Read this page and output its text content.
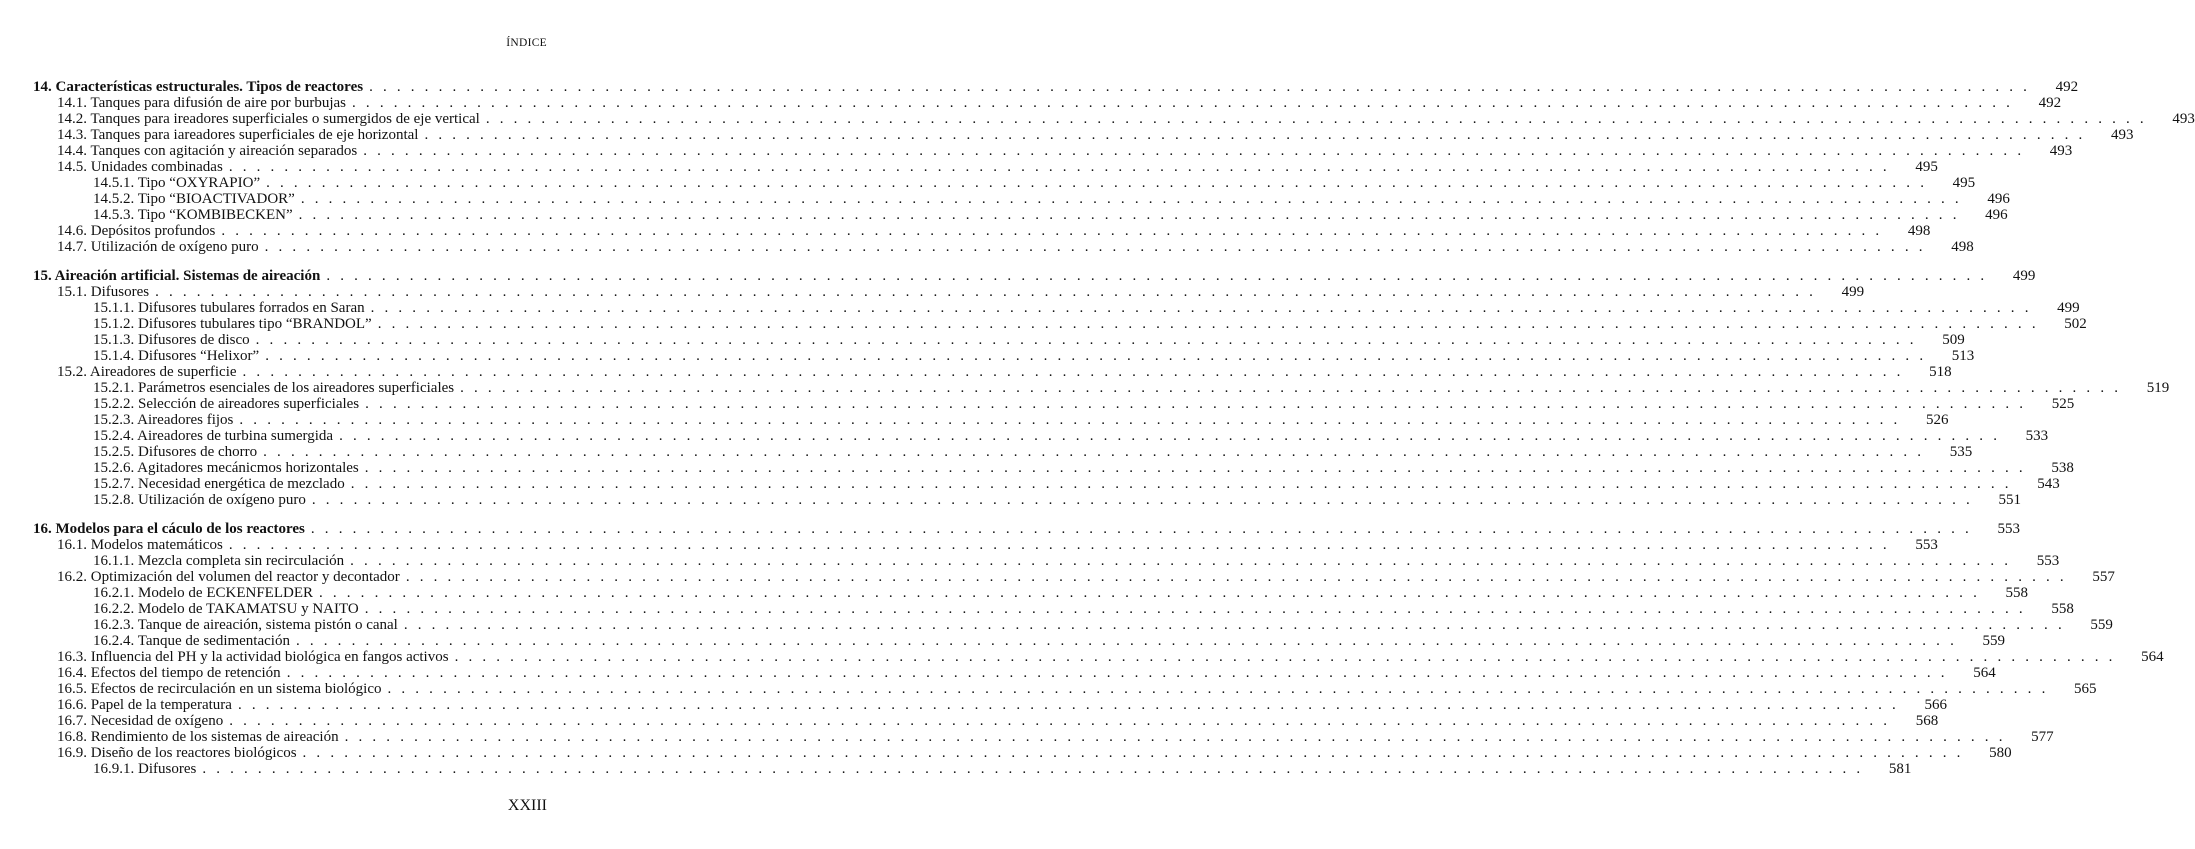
ÍNDICE
14. Características estructurales. Tipos de reactores . . . . . . . . . . . . . . . . . . . . . . . . . . . . . . . . . . . . . . . . . . . . . . . . . . . . . . . . . . . . . . . . . . . . . . . . . . . . . . . . . . . . . . . . . . . . . . . . . . . . . . . . . . . . . . . . . . . . . . . . 492
14.1. Tanques para difusión de aire por burbujas . . . . . . . . . . . . . . . . . . . . . . . . . . . . . . . . . . . . . . . . . . . . . . . . . . . . . . . . . . . . . . . . . . . . . . . . . . . . . . . . . . . . . . . . . . . . . . . . . . . . . . . . . . . . . . . . . . . . . . . . 492
14.2. Tanques para ireadores superficiales o sumergidos de eje vertical . . . . . . . . . . . . . . . . . . . . . . . . . . . . . . . . . . . . . . . . . . . . . . . . . . . . . . . . . . . . . . . . . . . . . . . . . . . . . . . . . . . . . . . . . . . . . . . . . . . . . . . . . . . . . . . . . . . . . . . . 493
14.3. Tanques para iareadores superficiales de eje horizontal . . . . . . . . . . . . . . . . . . . . . . . . . . . . . . . . . . . . . . . . . . . . . . . . . . . . . . . . . . . . . . . . . . . . . . . . . . . . . . . . . . . . . . . . . . . . . . . . . . . . . . . . . . . . . . . . . . . . . . . . 493
14.4. Tanques con agitación y aireación separados . . . . . . . . . . . . . . . . . . . . . . . . . . . . . . . . . . . . . . . . . . . . . . . . . . . . . . . . . . . . . . . . . . . . . . . . . . . . . . . . . . . . . . . . . . . . . . . . . . . . . . . . . . . . . . . . . . . . . . . . 493
14.5. Unidades combinadas . . . . . . . . . . . . . . . . . . . . . . . . . . . . . . . . . . . . . . . . . . . . . . . . . . . . . . . . . . . . . . . . . . . . . . . . . . . . . . . . . . . . . . . . . . . . . . . . . . . . . . . . . . . . . . . . . . . . . . . . 495
14.5.1. Tipo “OXYRAPIO” . . . . . . . . . . . . . . . . . . . . . . . . . . . . . . . . . . . . . . . . . . . . . . . . . . . . . . . . . . . . . . . . . . . . . . . . . . . . . . . . . . . . . . . . . . . . . . . . . . . . . . . . . . . . . . . . . . . . . . . . 495
14.5.2. Tipo “BIOACTIVADOR” . . . . . . . . . . . . . . . . . . . . . . . . . . . . . . . . . . . . . . . . . . . . . . . . . . . . . . . . . . . . . . . . . . . . . . . . . . . . . . . . . . . . . . . . . . . . . . . . . . . . . . . . . . . . . . . . . . . . . . . . 496
14.5.3. Tipo “KOMBIBECKEN” . . . . . . . . . . . . . . . . . . . . . . . . . . . . . . . . . . . . . . . . . . . . . . . . . . . . . . . . . . . . . . . . . . . . . . . . . . . . . . . . . . . . . . . . . . . . . . . . . . . . . . . . . . . . . . . . . . . . . . . . 496
14.6. Depósitos profundos . . . . . . . . . . . . . . . . . . . . . . . . . . . . . . . . . . . . . . . . . . . . . . . . . . . . . . . . . . . . . . . . . . . . . . . . . . . . . . . . . . . . . . . . . . . . . . . . . . . . . . . . . . . . . . . . . . . . . . . . 498
14.7. Utilización de oxígeno puro . . . . . . . . . . . . . . . . . . . . . . . . . . . . . . . . . . . . . . . . . . . . . . . . . . . . . . . . . . . . . . . . . . . . . . . . . . . . . . . . . . . . . . . . . . . . . . . . . . . . . . . . . . . . . . . . . . . . . . . . 498
15. Aireación artificial. Sistemas de aireación . . . . . . . . . . . . . . . . . . . . . . . . . . . . . . . . . . . . . . . . . . . . . . . . . . . . . . . . . . . . . . . . . . . . . . . . . . . . . . . . . . . . . . . . . . . . . . . . . . . . . . . . . . . . . . . . . . . . . . . . 499
15.1. Difusores . . . . . . . . . . . . . . . . . . . . . . . . . . . . . . . . . . . . . . . . . . . . . . . . . . . . . . . . . . . . . . . . . . . . . . . . . . . . . . . . . . . . . . . . . . . . . . . . . . . . . . . . . . . . . . . . . . . . . . . . 499
15.1.1. Difusores tubulares forrados en Saran . . . . . . . . . . . . . . . . . . . . . . . . . . . . . . . . . . . . . . . . . . . . . . . . . . . . . . . . . . . . . . . . . . . . . . . . . . . . . . . . . . . . . . . . . . . . . . . . . . . . . . . . . . . . . . . . . . . . . . . . 499
15.1.2. Difusores tubulares tipo “BRANDOL” . . . . . . . . . . . . . . . . . . . . . . . . . . . . . . . . . . . . . . . . . . . . . . . . . . . . . . . . . . . . . . . . . . . . . . . . . . . . . . . . . . . . . . . . . . . . . . . . . . . . . . . . . . . . . . . . . . . . . . . . 502
15.1.3. Difusores de disco . . . . . . . . . . . . . . . . . . . . . . . . . . . . . . . . . . . . . . . . . . . . . . . . . . . . . . . . . . . . . . . . . . . . . . . . . . . . . . . . . . . . . . . . . . . . . . . . . . . . . . . . . . . . . . . . . . . . . . . . 509
15.1.4. Difusores “Helixor” . . . . . . . . . . . . . . . . . . . . . . . . . . . . . . . . . . . . . . . . . . . . . . . . . . . . . . . . . . . . . . . . . . . . . . . . . . . . . . . . . . . . . . . . . . . . . . . . . . . . . . . . . . . . . . . . . . . . . . . . 513
15.2. Aireadores de superficie . . . . . . . . . . . . . . . . . . . . . . . . . . . . . . . . . . . . . . . . . . . . . . . . . . . . . . . . . . . . . . . . . . . . . . . . . . . . . . . . . . . . . . . . . . . . . . . . . . . . . . . . . . . . . . . . . . . . . . . . 518
15.2.1. Parámetros esenciales de los aireadores superficiales . . . . . . . . . . . . . . . . . . . . . . . . . . . . . . . . . . . . . . . . . . . . . . . . . . . . . . . . . . . . . . . . . . . . . . . . . . . . . . . . . . . . . . . . . . . . . . . . . . . . . . . . . . . . . . . . . . . . . . . . 519
15.2.2. Selección de aireadores superficiales . . . . . . . . . . . . . . . . . . . . . . . . . . . . . . . . . . . . . . . . . . . . . . . . . . . . . . . . . . . . . . . . . . . . . . . . . . . . . . . . . . . . . . . . . . . . . . . . . . . . . . . . . . . . . . . . . . . . . . . . 525
15.2.3. Aireadores fijos . . . . . . . . . . . . . . . . . . . . . . . . . . . . . . . . . . . . . . . . . . . . . . . . . . . . . . . . . . . . . . . . . . . . . . . . . . . . . . . . . . . . . . . . . . . . . . . . . . . . . . . . . . . . . . . . . . . . . . . . 526
15.2.4. Aireadores de turbina sumergida . . . . . . . . . . . . . . . . . . . . . . . . . . . . . . . . . . . . . . . . . . . . . . . . . . . . . . . . . . . . . . . . . . . . . . . . . . . . . . . . . . . . . . . . . . . . . . . . . . . . . . . . . . . . . . . . . . . . . . . . 533
15.2.5. Difusores de chorro . . . . . . . . . . . . . . . . . . . . . . . . . . . . . . . . . . . . . . . . . . . . . . . . . . . . . . . . . . . . . . . . . . . . . . . . . . . . . . . . . . . . . . . . . . . . . . . . . . . . . . . . . . . . . . . . . . . . . . . . 535
15.2.6. Agitadores mecánicmos horizontales . . . . . . . . . . . . . . . . . . . . . . . . . . . . . . . . . . . . . . . . . . . . . . . . . . . . . . . . . . . . . . . . . . . . . . . . . . . . . . . . . . . . . . . . . . . . . . . . . . . . . . . . . . . . . . . . . . . . . . . . 538
15.2.7. Necesidad energética de mezclado . . . . . . . . . . . . . . . . . . . . . . . . . . . . . . . . . . . . . . . . . . . . . . . . . . . . . . . . . . . . . . . . . . . . . . . . . . . . . . . . . . . . . . . . . . . . . . . . . . . . . . . . . . . . . . . . . . . . . . . . 543
15.2.8. Utilización de oxígeno puro . . . . . . . . . . . . . . . . . . . . . . . . . . . . . . . . . . . . . . . . . . . . . . . . . . . . . . . . . . . . . . . . . . . . . . . . . . . . . . . . . . . . . . . . . . . . . . . . . . . . . . . . . . . . . . . . . . . . . . . . 551
16. Modelos para el cáculo de los reactores . . . . . . . . . . . . . . . . . . . . . . . . . . . . . . . . . . . . . . . . . . . . . . . . . . . . . . . . . . . . . . . . . . . . . . . . . . . . . . . . . . . . . . . . . . . . . . . . . . . . . . . . . . . . . . . . . . . . . . . . 553
16.1. Modelos matemáticos . . . . . . . . . . . . . . . . . . . . . . . . . . . . . . . . . . . . . . . . . . . . . . . . . . . . . . . . . . . . . . . . . . . . . . . . . . . . . . . . . . . . . . . . . . . . . . . . . . . . . . . . . . . . . . . . . . . . . . . . 553
16.1.1. Mezcla completa sin recirculación . . . . . . . . . . . . . . . . . . . . . . . . . . . . . . . . . . . . . . . . . . . . . . . . . . . . . . . . . . . . . . . . . . . . . . . . . . . . . . . . . . . . . . . . . . . . . . . . . . . . . . . . . . . . . . . . . . . . . . . . 553
16.2. Optimización del volumen del reactor y decontador . . . . . . . . . . . . . . . . . . . . . . . . . . . . . . . . . . . . . . . . . . . . . . . . . . . . . . . . . . . . . . . . . . . . . . . . . . . . . . . . . . . . . . . . . . . . . . . . . . . . . . . . . . . . . . . . . . . . . . . . 557
16.2.1. Modelo de ECKENFELDER . . . . . . . . . . . . . . . . . . . . . . . . . . . . . . . . . . . . . . . . . . . . . . . . . . . . . . . . . . . . . . . . . . . . . . . . . . . . . . . . . . . . . . . . . . . . . . . . . . . . . . . . . . . . . . . . . . . . . . . . 558
16.2.2. Modelo de TAKAMATSU y NAITO . . . . . . . . . . . . . . . . . . . . . . . . . . . . . . . . . . . . . . . . . . . . . . . . . . . . . . . . . . . . . . . . . . . . . . . . . . . . . . . . . . . . . . . . . . . . . . . . . . . . . . . . . . . . . . . . . . . . . . . . 558
16.2.3. Tanque de aireación, sistema pistón o canal . . . . . . . . . . . . . . . . . . . . . . . . . . . . . . . . . . . . . . . . . . . . . . . . . . . . . . . . . . . . . . . . . . . . . . . . . . . . . . . . . . . . . . . . . . . . . . . . . . . . . . . . . . . . . . . . . . . . . . . . 559
16.2.4. Tanque de sedimentación . . . . . . . . . . . . . . . . . . . . . . . . . . . . . . . . . . . . . . . . . . . . . . . . . . . . . . . . . . . . . . . . . . . . . . . . . . . . . . . . . . . . . . . . . . . . . . . . . . . . . . . . . . . . . . . . . . . . . . . . 559
16.3. Influencia del PH y la actividad biológica en fangos activos . . . . . . . . . . . . . . . . . . . . . . . . . . . . . . . . . . . . . . . . . . . . . . . . . . . . . . . . . . . . . . . . . . . . . . . . . . . . . . . . . . . . . . . . . . . . . . . . . . . . . . . . . . . . . . . . . . . . . . . . 564
16.4. Efectos del tiempo de retención . . . . . . . . . . . . . . . . . . . . . . . . . . . . . . . . . . . . . . . . . . . . . . . . . . . . . . . . . . . . . . . . . . . . . . . . . . . . . . . . . . . . . . . . . . . . . . . . . . . . . . . . . . . . . . . . . . . . . . . . 564
16.5. Efectos de recirculación en un sistema biológico . . . . . . . . . . . . . . . . . . . . . . . . . . . . . . . . . . . . . . . . . . . . . . . . . . . . . . . . . . . . . . . . . . . . . . . . . . . . . . . . . . . . . . . . . . . . . . . . . . . . . . . . . . . . . . . . . . . . . . . . 565
16.6. Papel de la temperatura . . . . . . . . . . . . . . . . . . . . . . . . . . . . . . . . . . . . . . . . . . . . . . . . . . . . . . . . . . . . . . . . . . . . . . . . . . . . . . . . . . . . . . . . . . . . . . . . . . . . . . . . . . . . . . . . . . . . . . . . 566
16.7. Necesidad de oxígeno . . . . . . . . . . . . . . . . . . . . . . . . . . . . . . . . . . . . . . . . . . . . . . . . . . . . . . . . . . . . . . . . . . . . . . . . . . . . . . . . . . . . . . . . . . . . . . . . . . . . . . . . . . . . . . . . . . . . . . . . 568
16.8. Rendimiento de los sistemas de aireación . . . . . . . . . . . . . . . . . . . . . . . . . . . . . . . . . . . . . . . . . . . . . . . . . . . . . . . . . . . . . . . . . . . . . . . . . . . . . . . . . . . . . . . . . . . . . . . . . . . . . . . . . . . . . . . . . . . . . . . . 577
16.9. Diseño de los reactores biológicos . . . . . . . . . . . . . . . . . . . . . . . . . . . . . . . . . . . . . . . . . . . . . . . . . . . . . . . . . . . . . . . . . . . . . . . . . . . . . . . . . . . . . . . . . . . . . . . . . . . . . . . . . . . . . . . . . . . . . . . . 580
16.9.1. Difusores . . . . . . . . . . . . . . . . . . . . . . . . . . . . . . . . . . . . . . . . . . . . . . . . . . . . . . . . . . . . . . . . . . . . . . . . . . . . . . . . . . . . . . . . . . . . . . . . . . . . . . . . . . . . . . . . . . . . . . . . 581
XXIII
